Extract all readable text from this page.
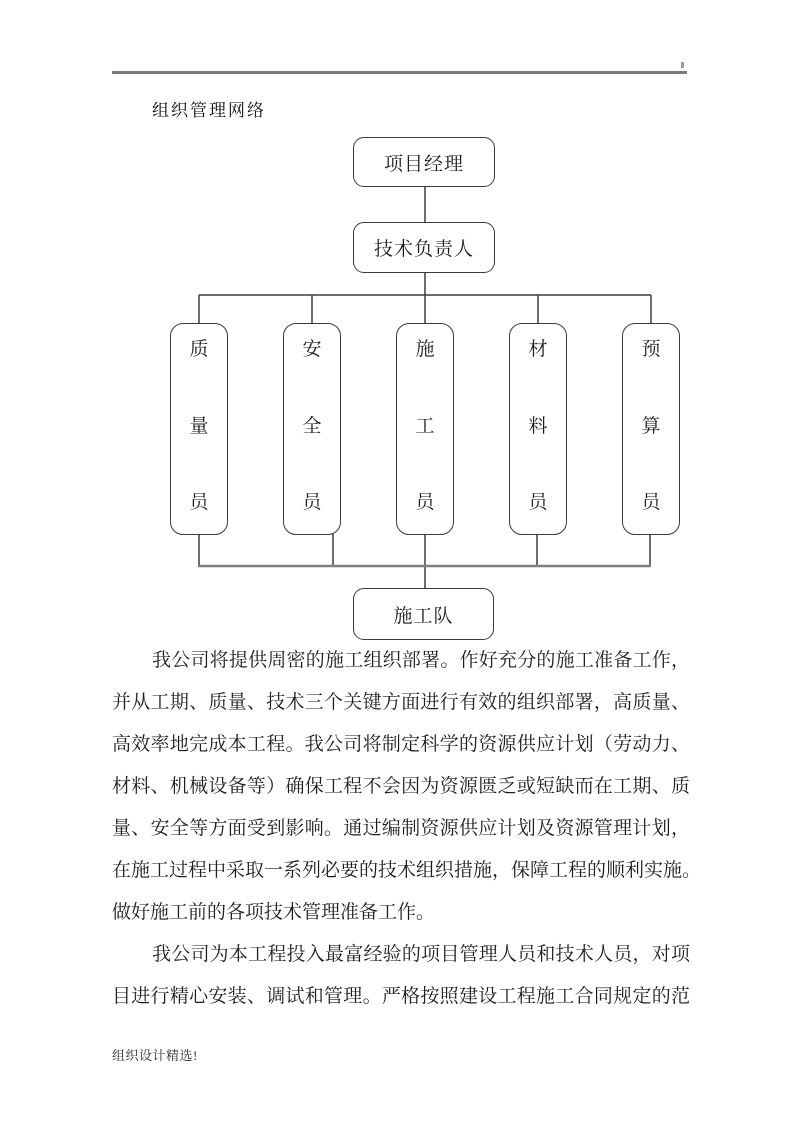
组织管理网络
项目经理
技术负责人
质
量
员
安
全
员
施
工
员
材
料
员
预
算
员
施工队
我公司将提供周密的施工组织部署。作好充分的施工准备工作，
并从工期、质量、技术三个关键方面进行有效的组织部署，高质量、
高效率地完成本工程。我公司将制定科学的资源供应计划（劳动力、
材料、机械设备等）确保工程不会因为资源匮乏或短缺而在工期、质
量、安全等方面受到影响。通过编制资源供应计划及资源管理计划，
在施工过程中采取一系列必要的技术组织措施，保障工程的顺利实施。
做好施工前的各项技术管理准备工作。
我公司为本工程投入最富经验的项目管理人员和技术人员，对项
目进行精心安装、调试和管理。严格按照建设工程施工合同规定的范
组织设计精选!
